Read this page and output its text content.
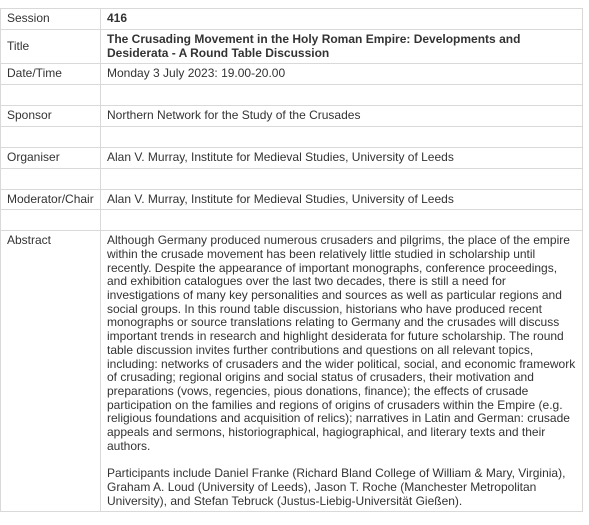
Session	416
Title	The Crusading Movement in the Holy Roman Empire: Developments and Desiderata - A Round Table Discussion
Date/Time	Monday 3 July 2023: 19.00-20.00

Sponsor	Northern Network for the Study of the Crusades

Organiser	Alan V. Murray, Institute for Medieval Studies, University of Leeds

Moderator/Chair	Alan V. Murray, Institute for Medieval Studies, University of Leeds

Abstract	Although Germany produced numerous crusaders and pilgrims, the place of the empire within the crusade movement has been relatively little studied in scholarship until recently. Despite the appearance of important monographs, conference proceedings, and exhibition catalogues over the last two decades, there is still a need for investigations of many key personalities and sources as well as particular regions and social groups. In this round table discussion, historians who have produced recent monographs or source translations relating to Germany and the crusades will discuss important trends in research and highlight desiderata for future scholarship. The round table discussion invites further contributions and questions on all relevant topics, including: networks of crusaders and the wider political, social, and economic framework of crusading; regional origins and social status of crusaders, their motivation and preparations (vows, regencies, pious donations, finance); the effects of crusade participation on the families and regions of origins of crusaders within the Empire (e.g. religious foundations and acquisition of relics); narratives in Latin and German: crusade appeals and sermons, historiographical, hagiographical, and literary texts and their authors.

Participants include Daniel Franke (Richard Bland College of William & Mary, Virginia), Graham A. Loud (University of Leeds), Jason T. Roche (Manchester Metropolitan University), and Stefan Tebruck (Justus-Liebig-Universität Gießen).
